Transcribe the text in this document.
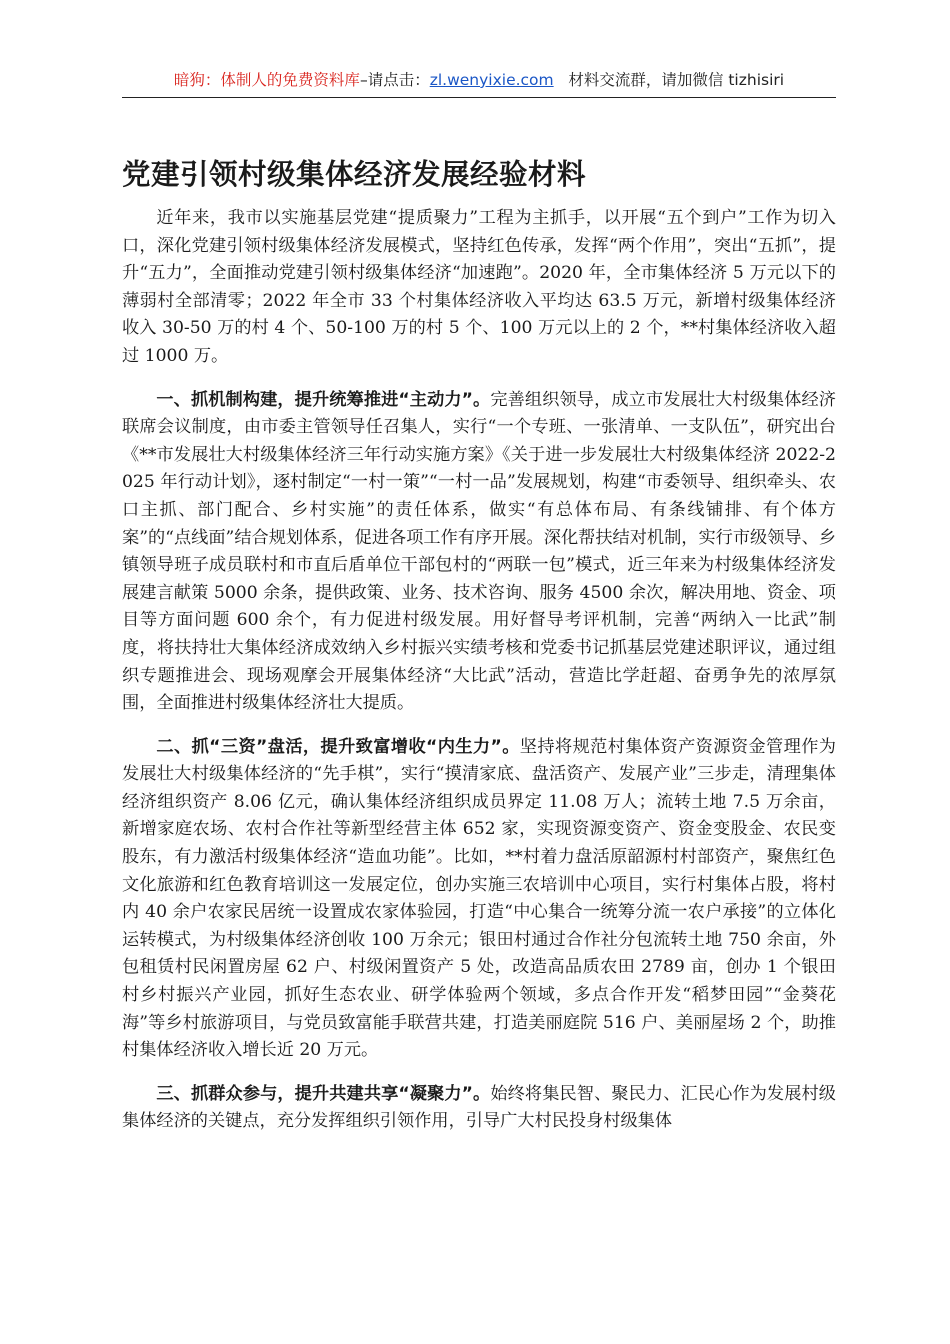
暗狗：体制人的免费资料库–请点击：zl.wenyixie.com 材料交流群，请加微信 tizhisiri
党建引领村级集体经济发展经验材料

近年来，我市以实施基层党建“提质聚力”工程为主抓手，以开展“五个到户”工作为切入口，深化党建引领村级集体经济发展模式，坚持红色传承，发挥“两个作用”，突出“五抓”，提升“五力”，全面推动党建引领村级集体经济“加速跑”。2020 年，全市集体经济 5 万元以下的薄弱村全部清零；2022 年全市 33 个村集体经济收入平均达 63.5 万元，新增村级集体经济收入 30-50 万的村 4 个、50-100 万的村 5 个、100 万元以上的 2 个，**村集体经济收入超过 1000 万。

一、抓机制构建，提升统筹推进“主动力”。完善组织领导，成立市发展壮大村级集体经济联席会议制度，由市委主管领导任召集人，实行“一个专班、一张清单、一支队伍”，研究出台《**市发展壮大村级集体经济三年行动实施方案》《关于进一步发展壮大村级集体经济 2022-2025 年行动计划》，逐村制定“一村一策”“一村一品”发展规划，构建“市委领导、组织牵头、农口主抓、部门配合、乡村实施”的责任体系，做实“有总体布局、有条线铺排、有个体方案”的“点线面”结合规划体系，促进各项工作有序开展。深化帮扶结对机制，实行市级领导、乡镇领导班子成员联村和市直后盾单位干部包村的“两联一包”模式，近三年来为村级集体经济发展建言献策 5000 余条，提供政策、业务、技术咨询、服务 4500 余次，解决用地、资金、项目等方面问题 600 余个，有力促进村级发展。用好督导考评机制，完善“两纳入一比武”制度，将扶持壮大集体经济成效纳入乡村振兴实绩考核和党委书记抓基层党建述职评议，通过组织专题推进会、现场观摩会开展集体经济“大比武”活动，营造比学赶超、奋勇争先的浓厚氛围，全面推进村级集体经济壮大提质。

二、抓“三资”盘活，提升致富增收“内生力”。坚持将规范村集体资产资源资金管理作为发展壮大村级集体经济的“先手棋”，实行“摸清家底、盘活资产、发展产业”三步走，清理集体经济组织资产 8.06 亿元，确认集体经济组织成员界定 11.08 万人；流转土地 7.5 万余亩，新增家庭农场、农村合作社等新型经营主体 652 家，实现资源变资产、资金变股金、农民变股东，有力激活村级集体经济“造血功能”。比如，**村着力盘活原韶源村村部资产，聚焦红色文化旅游和红色教育培训这一发展定位，创办实施三农培训中心项目，实行村集体占股，将村内 40 余户农家民居统一设置成农家体验园，打造“中心集合一统筹分流一农户承接”的立体化运转模式，为村级集体经济创收 100 万余元；银田村通过合作社分包流转土地 750 余亩，外包租赁村民闲置房屋 62 户、村级闲置资产 5 处，改造高品质农田 2789 亩，创办 1 个银田村乡村振兴产业园，抓好生态农业、研学体验两个领域，多点合作开发“稻梦田园”“金葵花海”等乡村旅游项目，与党员致富能手联营共建，打造美丽庭院 516 户、美丽屋场 2 个，助推村集体经济收入增长近 20 万元。

三、抓群众参与，提升共建共享“凝聚力”。始终将集民智、聚民力、汇民心作为发展村级集体经济的关键点，充分发挥组织引领作用，引导广大村民投身村级集体
